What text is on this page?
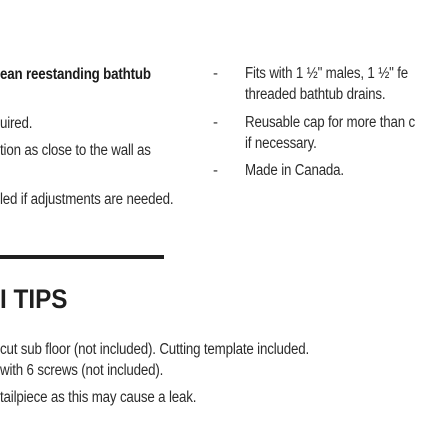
ean reestanding bathtub
uired.
tion as close to the wall as
led if adjustments are needed.
- Fits with 1 ½" males, 1 ½" fe
threaded bathtub drains.
- Reusable cap for more than c
if necessary.
- Made in Canada.
I TIPS
cut sub floor (not included). Cutting template included.
with 6 screws (not included).
tailpiece as this may cause a leak.
